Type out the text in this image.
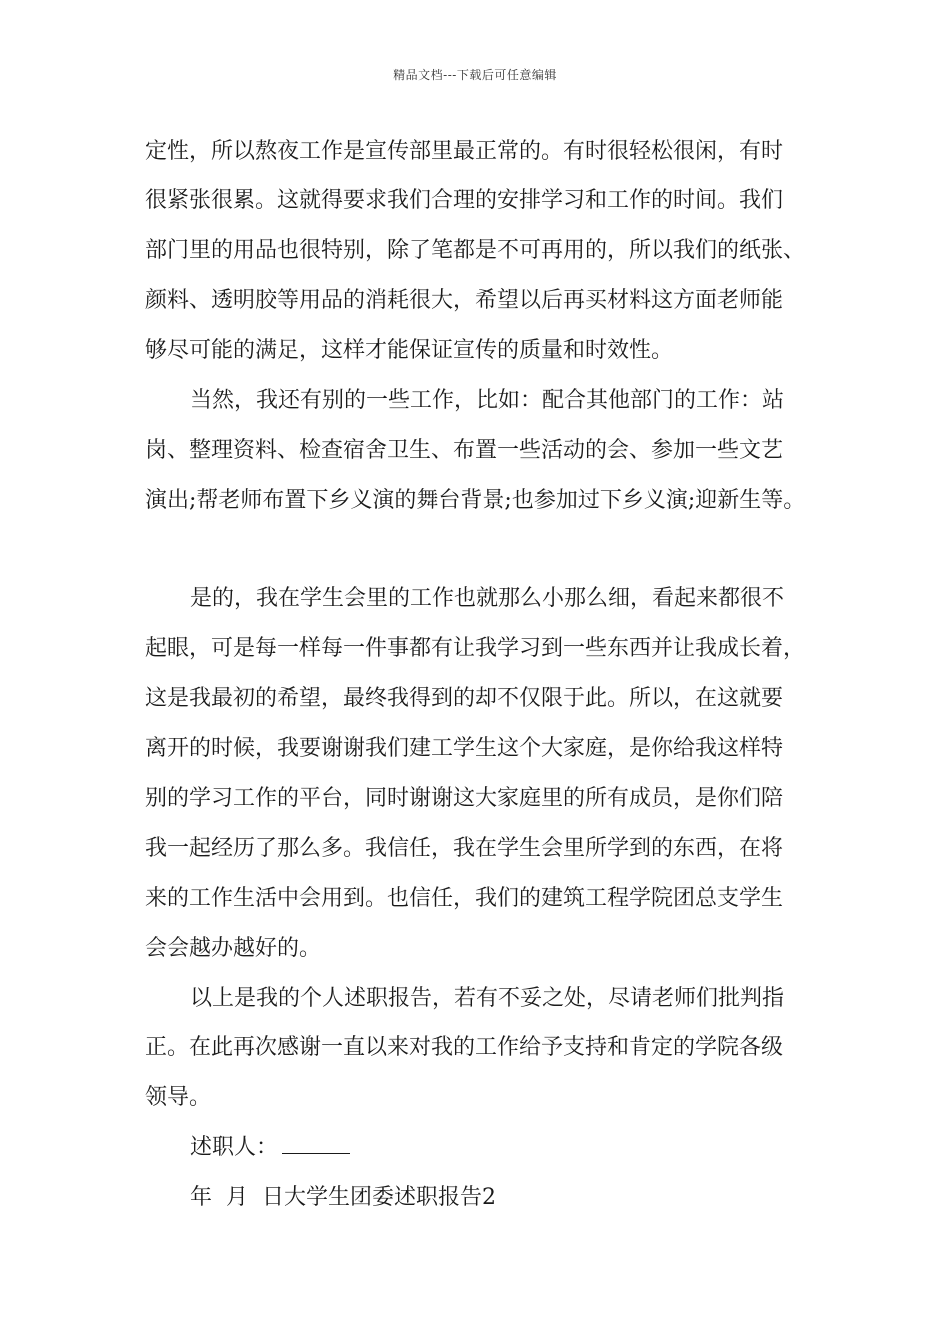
精品文档---下载后可任意编辑
定性，所以熬夜工作是宣传部里最正常的。有时很轻松很闲，有时
很紧张很累。这就得要求我们合理的安排学习和工作的时间。我们
部门里的用品也很特别，除了笔都是不可再用的，所以我们的纸张、
颜料、透明胶等用品的消耗很大，希望以后再买材料这方面老师能
够尽可能的满足，这样才能保证宣传的质量和时效性。
当然，我还有别的一些工作，比如：配合其他部门的工作：站
岗、整理资料、检查宿舍卫生、布置一些活动的会、参加一些文艺
演出;帮老师布置下乡义演的舞台背景;也参加过下乡义演;迎新生等。
是的，我在学生会里的工作也就那么小那么细，看起来都很不
起眼，可是每一样每一件事都有让我学习到一些东西并让我成长着，
这是我最初的希望，最终我得到的却不仅限于此。所以，在这就要
离开的时候，我要谢谢我们建工学生这个大家庭，是你给我这样特
别的学习工作的平台，同时谢谢这大家庭里的所有成员，是你们陪
我一起经历了那么多。我信任，我在学生会里所学到的东西，在将
来的工作生活中会用到。也信任，我们的建筑工程学院团总支学生
会会越办越好的。
以上是我的个人述职报告，若有不妥之处，尽请老师们批判指
正。在此再次感谢一直以来对我的工作给予支持和肯定的学院各级
领导。
述职人：
年  月  日大学生团委述职报告2
